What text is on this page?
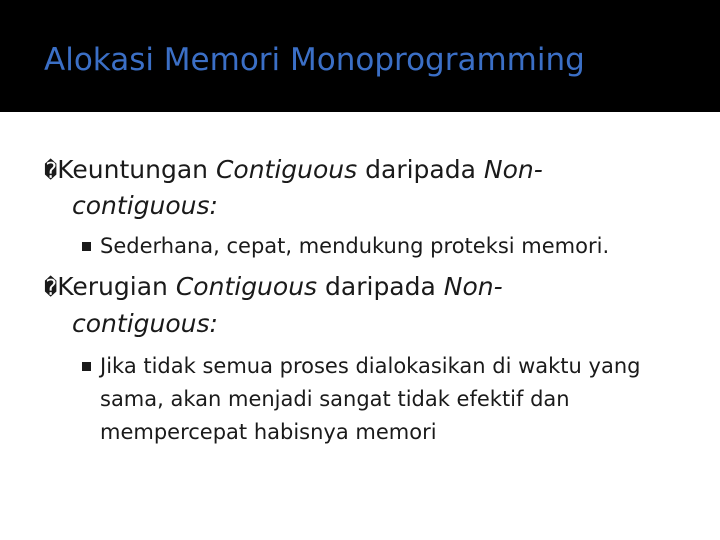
Alokasi Memori Monoprogramming
�Keuntungan Contiguous daripada Non-
contiguous:
Sederhana, cepat, mendukung proteksi memori.
�Kerugian Contiguous daripada Non-
contiguous:
Jika tidak semua proses dialokasikan di waktu yang
sama, akan menjadi sangat tidak efektif dan
mempercepat habisnya memori
